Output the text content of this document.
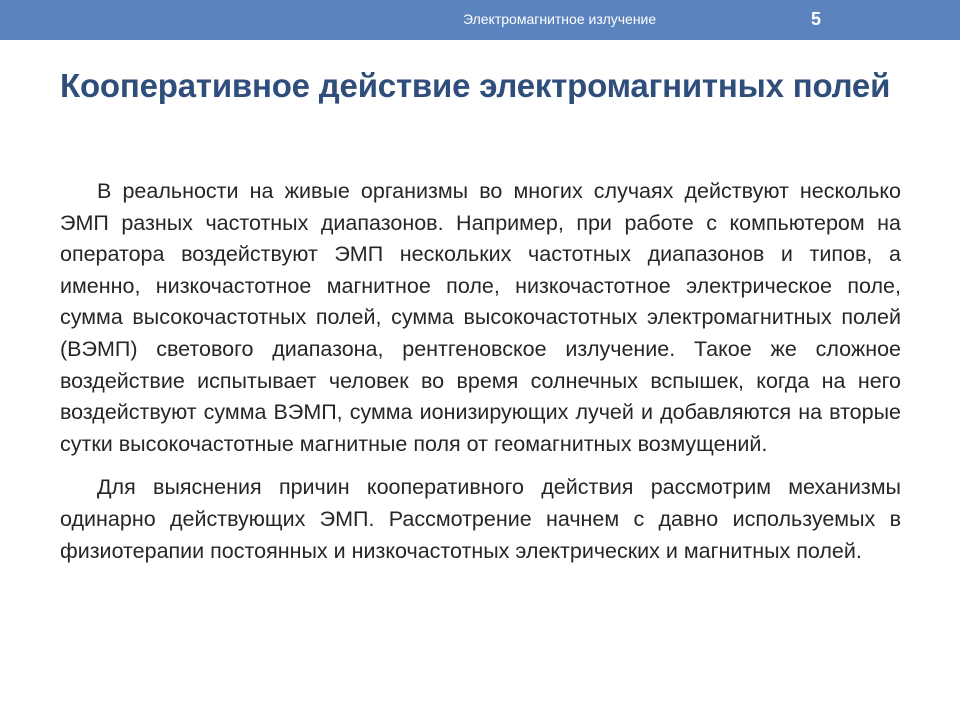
Электромагнитное излучение	5
Кооперативное действие электромагнитных полей

В реальности на живые организмы во многих случаях действуют несколько ЭМП разных частотных диапазонов. Например, при работе с компьютером на оператора воздействуют ЭМП нескольких частотных диапазонов и типов, а именно, низкочастотное магнитное поле, низкочастотное электрическое поле, сумма высокочастотных полей, сумма высокочастотных электромагнитных полей (ВЭМП) светового диапазона, рентгеновское излучение. Такое же сложное воздействие испытывает человек во время солнечных вспышек, когда на него воздействуют сумма ВЭМП, сумма ионизирующих лучей и добавляются на вторые сутки высокочастотные магнитные поля от геомагнитных возмущений.

Для выяснения причин кооперативного действия рассмотрим механизмы одинарно действующих ЭМП. Рассмотрение начнем с давно используемых в физиотерапии постоянных и низкочастотных электрических и магнитных полей.
